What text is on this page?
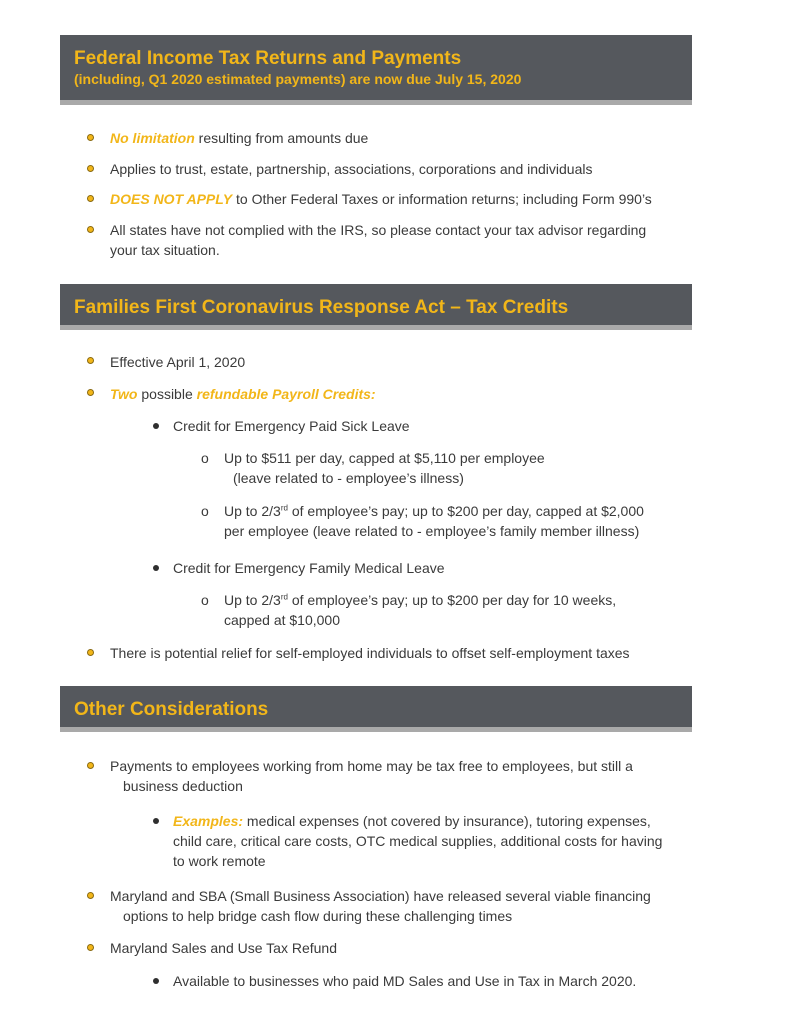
Federal Income Tax Returns and Payments
(including, Q1 2020 estimated payments) are now due July 15, 2020
No limitation resulting from amounts due
Applies to trust, estate, partnership, associations, corporations and individuals
DOES NOT APPLY to Other Federal Taxes or information returns; including Form 990’s
All states have not complied with the IRS, so please contact your tax advisor regarding
your tax situation.
Families First Coronavirus Response Act – Tax Credits
Effective April 1, 2020
Two possible refundable Payroll Credits:
Credit for Emergency Paid Sick Leave
o Up to $511 per day, capped at $5,110 per employee
(leave related to - employee’s illness)
o Up to 2/3rd of employee’s pay; up to $200 per day, capped at $2,000
per employee (leave related to - employee’s family member illness)
Credit for Emergency Family Medical Leave
o Up to 2/3rd of employee’s pay; up to $200 per day for 10 weeks,
capped at $10,000
There is potential relief for self-employed individuals to offset self-employment taxes
Other Considerations
Payments to employees working from home may be tax free to employees, but still a
business deduction
Examples: medical expenses (not covered by insurance), tutoring expenses,
child care, critical care costs, OTC medical supplies, additional costs for having
to work remote
Maryland and SBA (Small Business Association) have released several viable financing
options to help bridge cash flow during these challenging times
Maryland Sales and Use Tax Refund
Available to businesses who paid MD Sales and Use in Tax in March 2020.
